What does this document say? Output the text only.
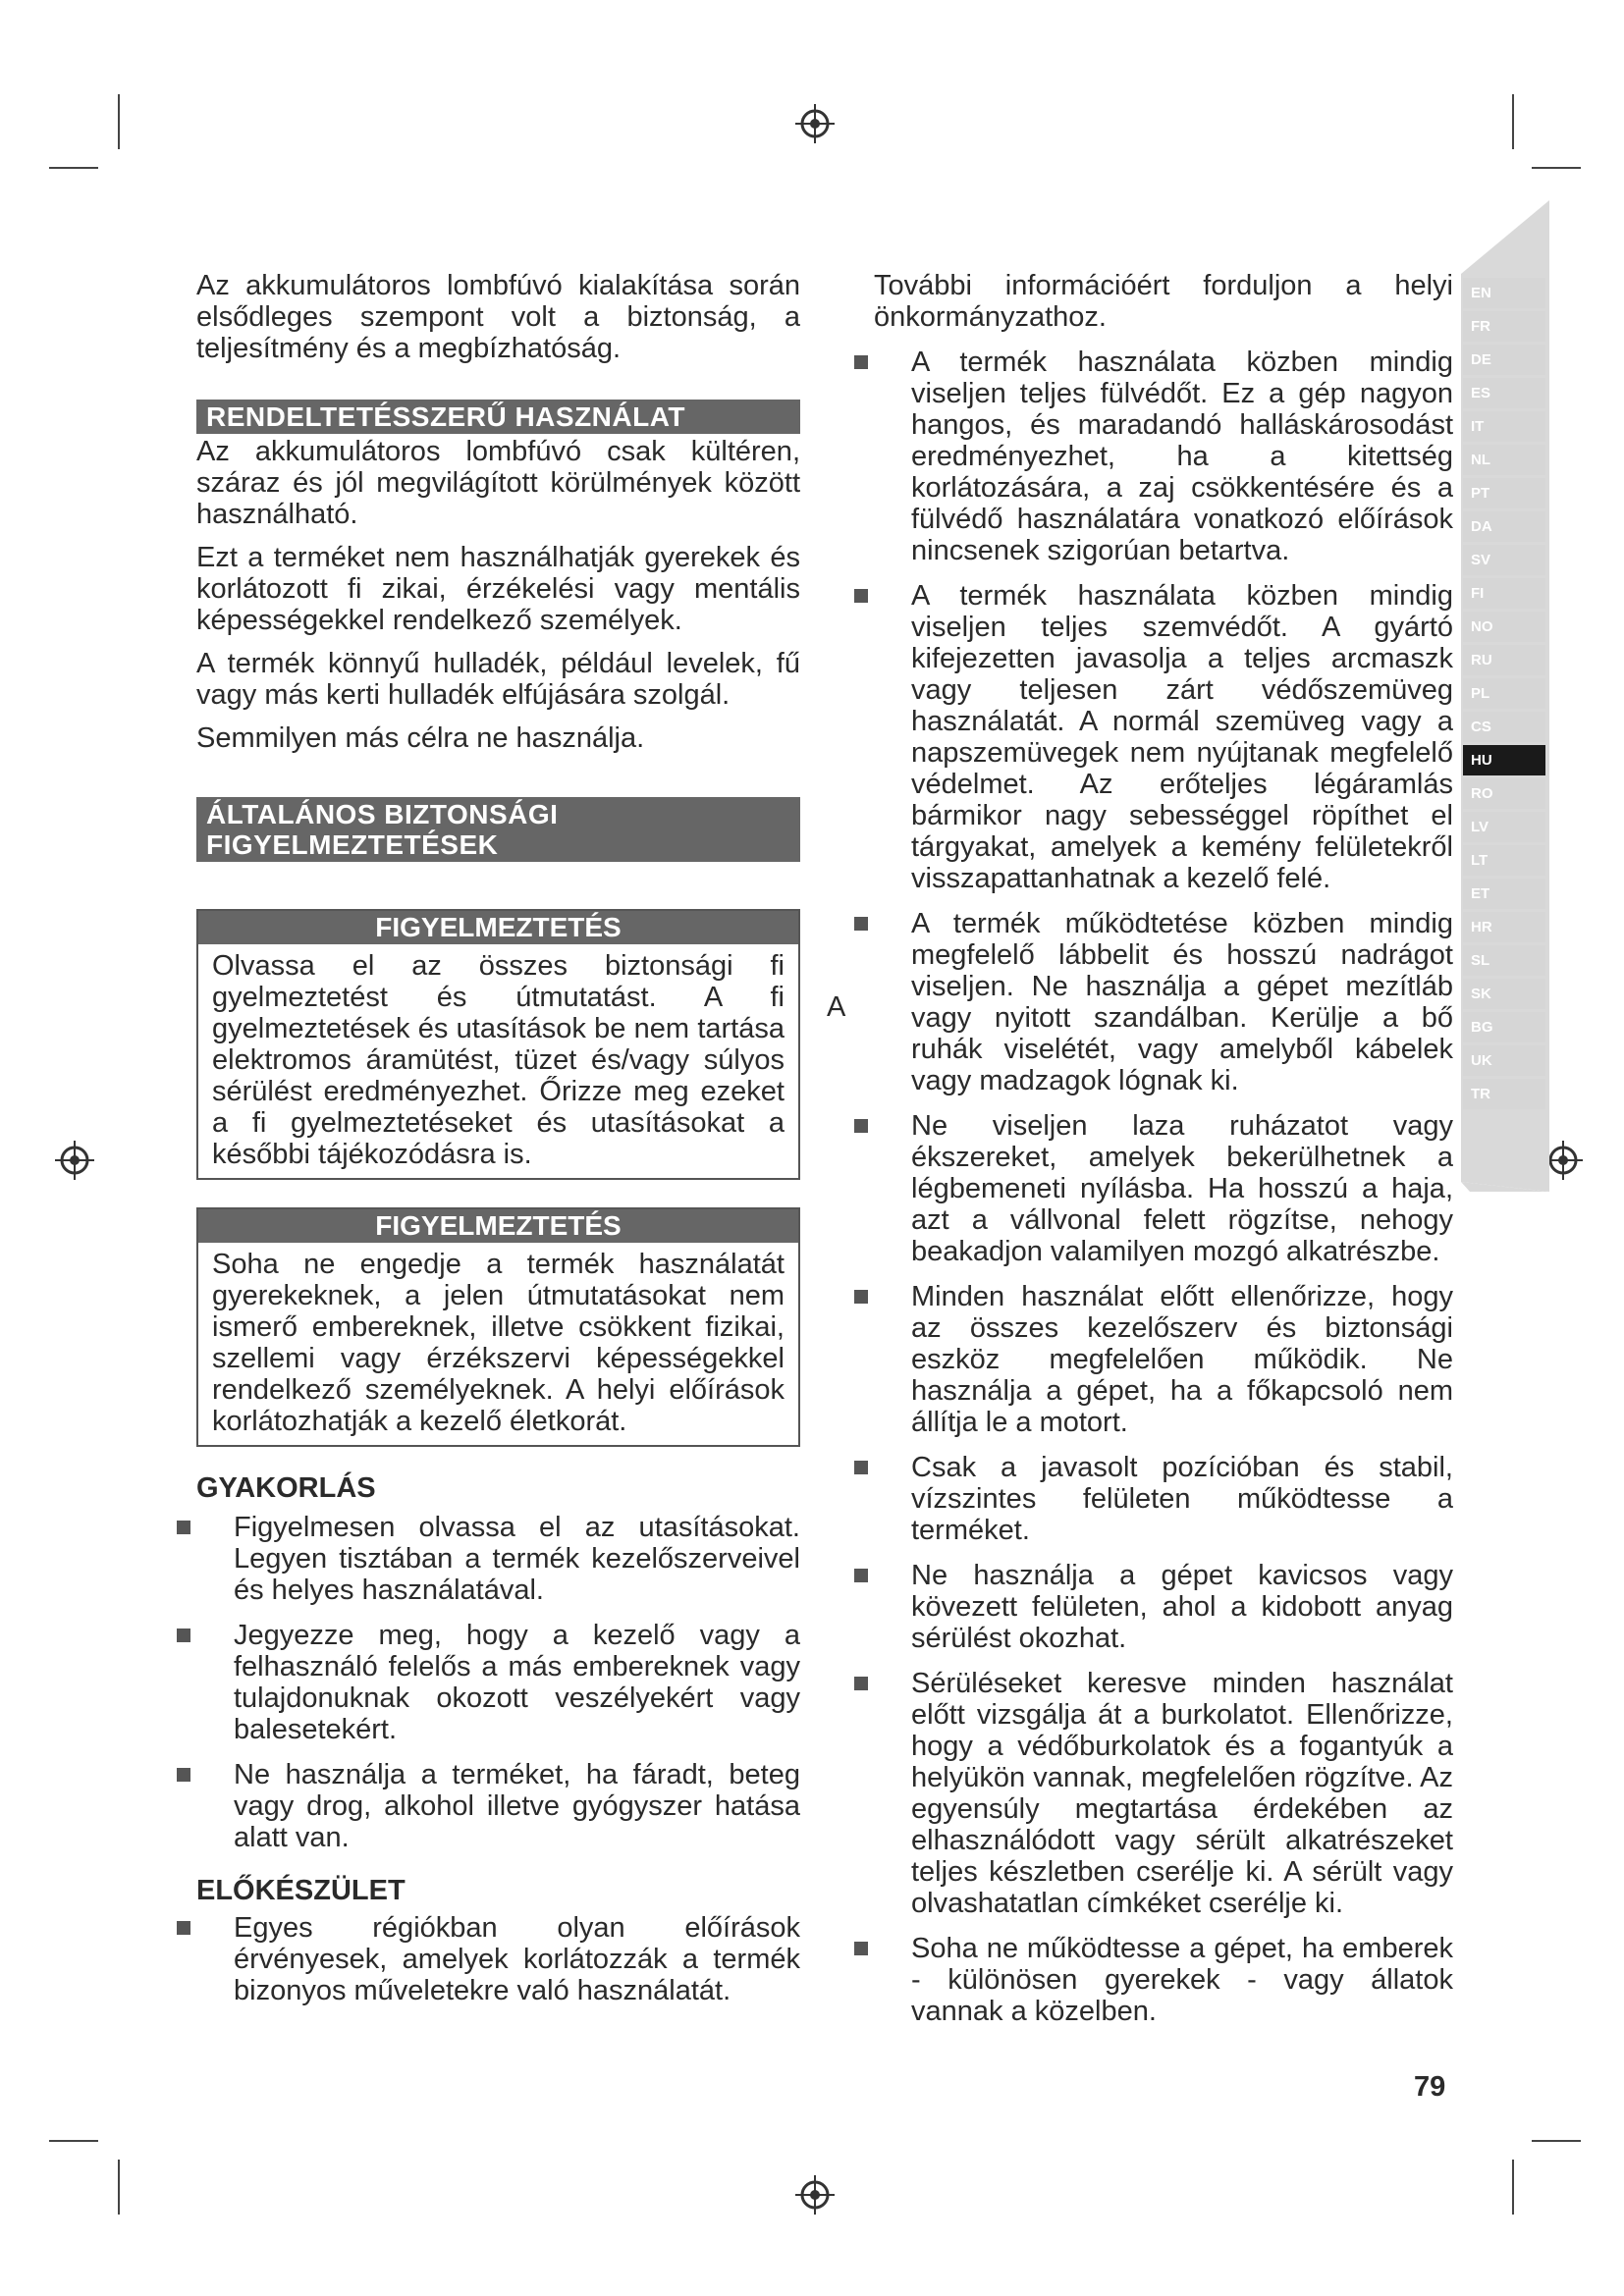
EN
FR
DE
ES
IT
NL
PT
DA
SV
FI
NO
RU
PL
CS
HU
RO
LV
LT
ET
HR
SL
SK
BG
UK
TR

Az akkumulátoros lombfúvó kialakítása során elsődleges szempont volt a biztonság, a teljesítmény és a megbízhatóság.

RENDELTETÉSSZERŰ HASZNÁLAT

Az akkumulátoros lombfúvó csak kültéren, száraz és jól megvilágított körülmények között használható.

Ezt a terméket nem használhatják gyerekek és korlátozott fi zikai, érzékelési vagy mentális képességekkel rendelkező személyek.

A termék könnyű hulladék, például levelek, fű vagy más kerti hulladék elfújására szolgál.

Semmilyen más célra ne használja.

ÁLTALÁNOS BIZTONSÁGI
FIGYELMEZTETÉSEK
FIGYELMEZTETÉS

Olvassa el az összes biztonsági fi gyelmeztetést és útmutatást. A fi gyelmeztetések és utasítások be nem tartása elektromos áramütést, tüzet és/vagy súlyos sérülést eredményezhet. Őrizze meg ezeket a fi gyelmeztetéseket és utasításokat a későbbi tájékozódásra is.

FIGYELMEZTETÉS

Soha ne engedje a termék használatát gyerekeknek, a jelen útmutatásokat nem ismerő embereknek, illetve csökkent fizikai, szellemi vagy érzékszervi képességekkel rendelkező személyeknek. A helyi előírások korlátozhatják a kezelő életkorát.

GYAKORLÁS

Figyelmesen olvassa el az utasításokat. Legyen tisztában a termék kezelőszerveivel és helyes használatával.

Jegyezze meg, hogy a kezelő vagy a felhasználó felelős a más embereknek vagy tulajdonuknak okozott veszélyekért vagy balesetekért.

Ne használja a terméket, ha fáradt, beteg vagy drog, alkohol illetve gyógyszer hatása alatt van.

ELŐKÉSZÜLET

Egyes régiókban olyan előírások érvényesek, amelyek korlátozzák a termék bizonyos műveletekre való használatát.

További információért forduljon a helyi önkormányzathoz.

A termék használata közben mindig viseljen teljes fülvédőt. Ez a gép nagyon hangos, és maradandó halláskárosodást eredményezhet, ha a kitettség korlátozására, a zaj csökkentésére és a fülvédő használatára vonatkozó előírások nincsenek szigorúan betartva.

A termék használata közben mindig viseljen teljes szemvédőt. A gyártó kifejezetten javasolja a teljes arcmaszk vagy teljesen zárt védőszemüveg használatát. A normál szemüveg vagy a napszemüvegek nem nyújtanak megfelelő védelmet. Az erőteljes légáramlás bármikor nagy sebességgel röpíthet el tárgyakat, amelyek a kemény felületekről visszapattanhatnak a kezelő felé.

A termék működtetése közben mindig megfelelő lábbelit és hosszú nadrágot viseljen. Ne használja a gépet mezítláb vagy nyitott szandálban. Kerülje a bő ruhák viselétét, vagy amelyből kábelek vagy madzagok lógnak ki.

Ne viseljen laza ruházatot vagy ékszereket, amelyek bekerülhetnek a légbemeneti nyílásba. Ha hosszú a haja, azt a vállvonal felett rögzítse, nehogy beakadjon valamilyen mozgó alkatrészbe.

Minden használat előtt ellenőrizze, hogy az összes kezelőszerv és biztonsági eszköz megfelelően működik. Ne használja a gépet, ha a főkapcsoló nem állítja le a motort.

Csak a javasolt pozícióban és stabil, vízszintes felületen működtesse a terméket.

Ne használja a gépet kavicsos vagy kövezett felületen, ahol a kidobott anyag sérülést okozhat.

Sérüléseket keresve minden használat előtt vizsgálja át a burkolatot. Ellenőrizze, hogy a védőburkolatok és a fogantyúk a helyükön vannak, megfelelően rögzítve. Az egyensúly megtartása érdekében az elhasználódott vagy sérült alkatrészeket teljes készletben cserélje ki. A sérült vagy olvashatatlan címkéket cserélje ki.

Soha ne működtesse a gépet, ha emberek - különösen gyerekek - vagy állatok vannak a közelben.

A
79
